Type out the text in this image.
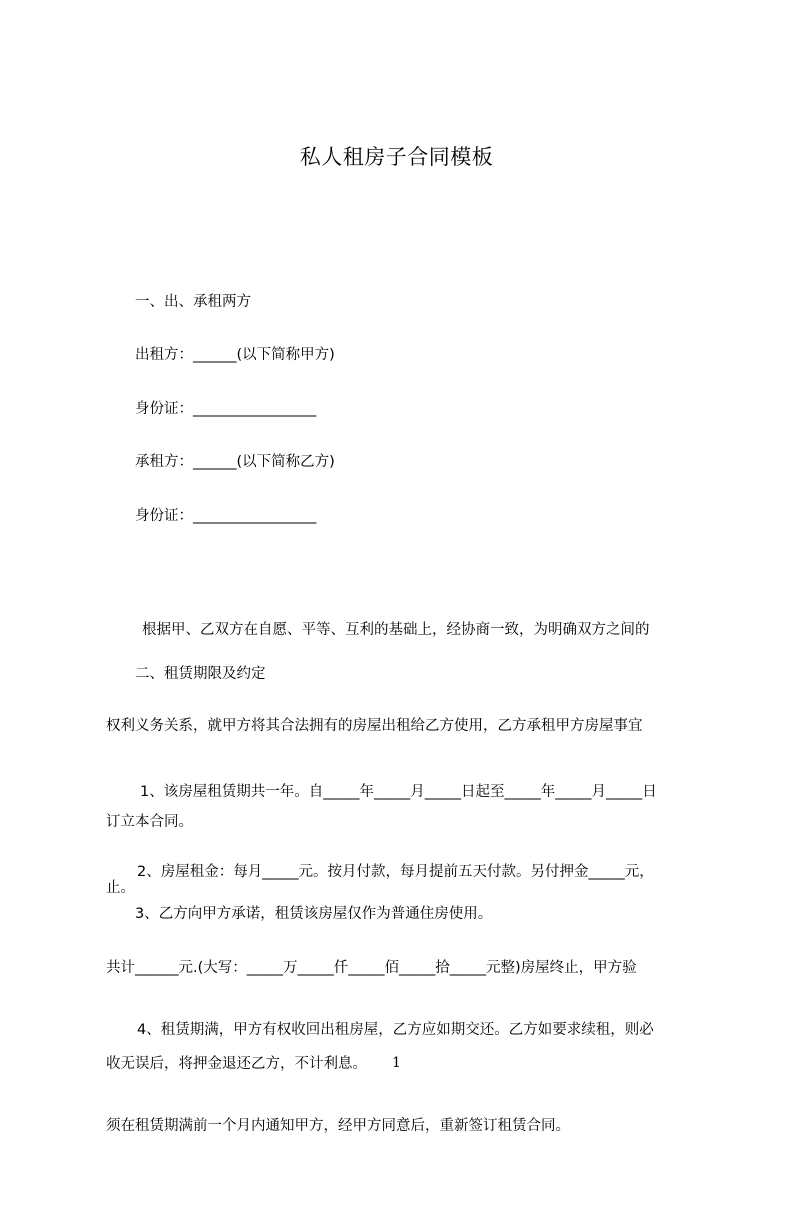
私人租房子合同模板
一、出、承租两方
出租方：______(以下简称甲方)
身份证：_________________
承租方：______(以下简称乙方)
身份证：_________________

根据甲、乙双方在自愿、平等、互利的基础上，经协商一致，为明确双方之间的

权利义务关系，就甲方将其合法拥有的房屋出租给乙方使用，乙方承租甲方房屋事宜

订立本合同。

二、租赁期限及约定

1、该房屋租赁期共一年。自_____年_____月_____日起至_____年_____月_____日

止。

2、房屋租金：每月_____元。按月付款，每月提前五天付款。另付押金_____元，

共计______元.(大写：_____万_____仟_____佰_____拾_____元整)房屋终止，甲方验

收无误后，将押金退还乙方，不计利息。

3、乙方向甲方承诺，租赁该房屋仅作为普通住房使用。

4、租赁期满，甲方有权收回出租房屋，乙方应如期交还。乙方如要求续租，则必

须在租赁期满前一个月内通知甲方，经甲方同意后，重新签订租赁合同。

1
